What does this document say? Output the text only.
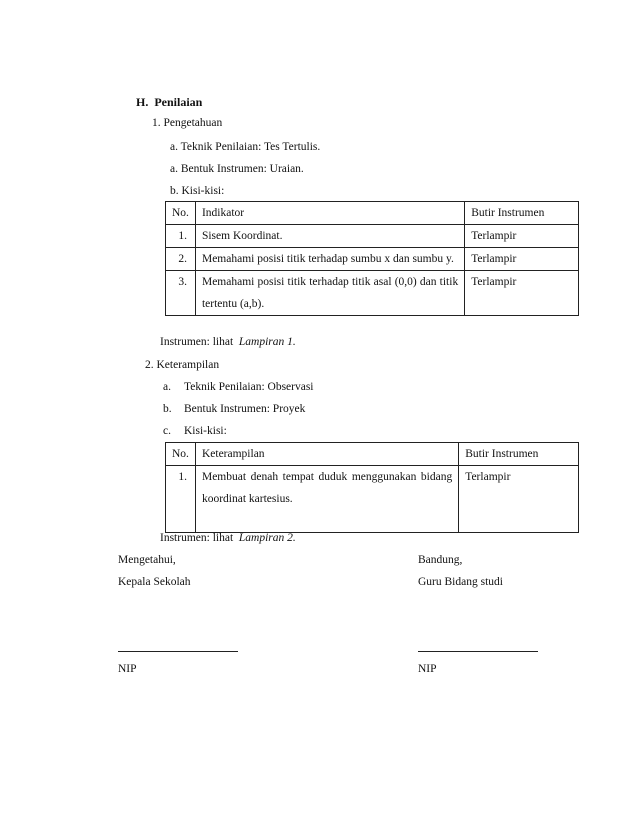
H. Penilaian
1. Pengetahuan
a. Teknik Penilaian: Tes Tertulis.
a. Bentuk Instrumen: Uraian.
b. Kisi-kisi:
No.	Indikator	Butir Instrumen
1.	Sisem Koordinat.	Terlampir
2.	Memahami posisi titik terhadap sumbu x dan sumbu y.	Terlampir
3.	Memahami posisi titik terhadap titik asal (0,0) dan titik tertentu (a,b).	Terlampir
Instrumen: lihat Lampiran 1.
2. Keterampilan
a. Teknik Penilaian: Observasi
b. Bentuk Instrumen: Proyek
c. Kisi-kisi:
No.	Keterampilan	Butir Instrumen
1.	Membuat denah tempat duduk menggunakan bidang koordinat kartesius.	Terlampir
Instrumen: lihat Lampiran 2.
Mengetahui,
Kepala Sekolah
Bandung,
Guru Bidang studi
NIP	NIP
